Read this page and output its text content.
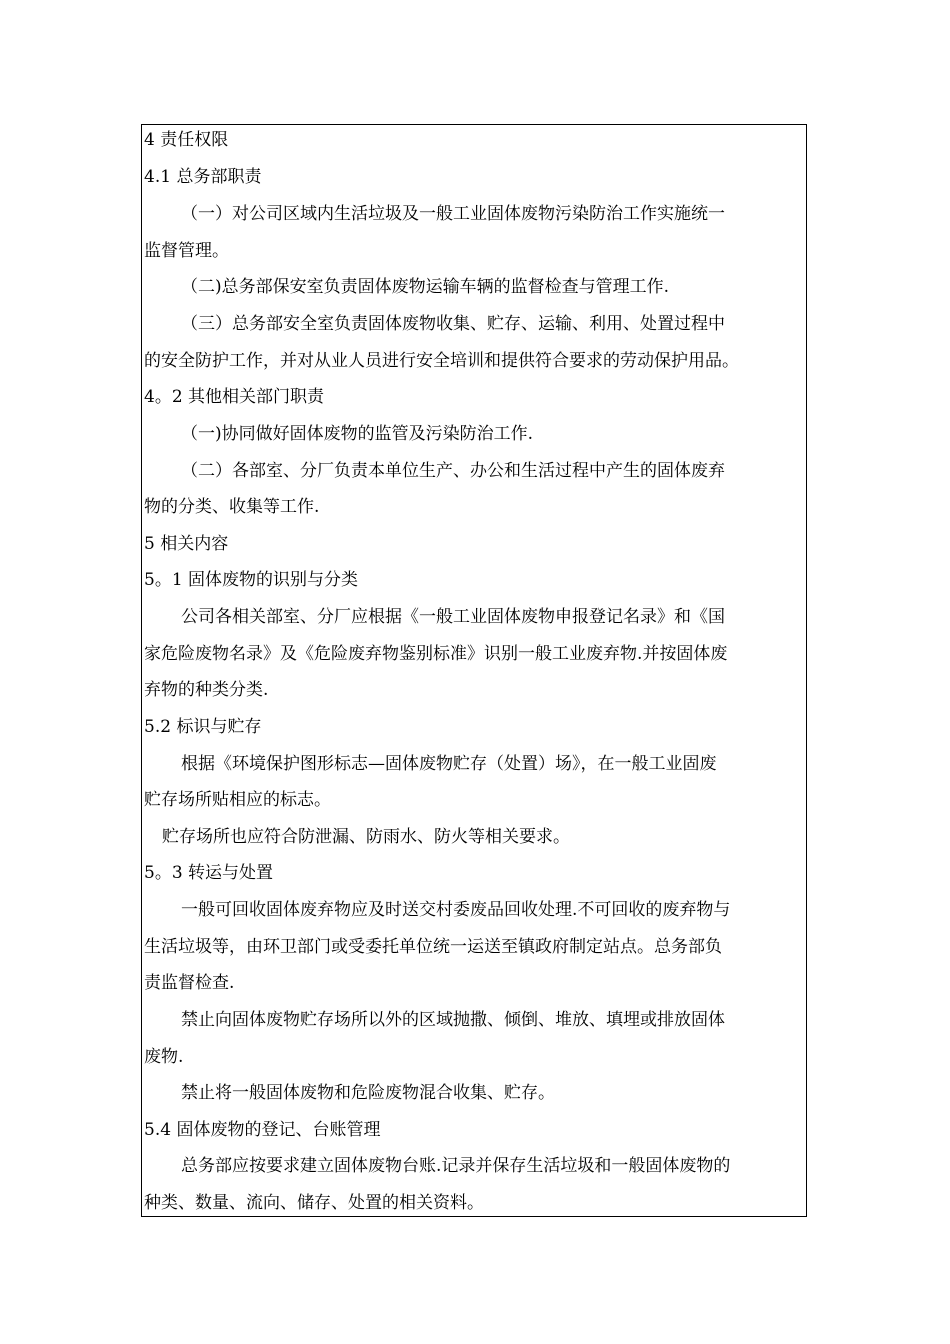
4 责任权限
4.1 总务部职责
（一）对公司区域内生活垃圾及一般工业固体废物污染防治工作实施统一
监督管理。
（二)总务部保安室负责固体废物运输车辆的监督检查与管理工作.
（三）总务部安全室负责固体废物收集、贮存、运输、利用、处置过程中
的安全防护工作，并对从业人员进行安全培训和提供符合要求的劳动保护用品。
4。2 其他相关部门职责
（一)协同做好固体废物的监管及污染防治工作.
（二）各部室、分厂负责本单位生产、办公和生活过程中产生的固体废弃
物的分类、收集等工作.
5 相关内容
5。1 固体废物的识别与分类
公司各相关部室、分厂应根据《一般工业固体废物申报登记名录》和《国
家危险废物名录》及《危险废弃物鉴别标准》识别一般工业废弃物.并按固体废
弃物的种类分类.
5.2 标识与贮存
根据《环境保护图形标志—固体废物贮存（处置）场》，在一般工业固废
贮存场所贴相应的标志。
贮存场所也应符合防泄漏、防雨水、防火等相关要求。
5。3 转运与处置
一般可回收固体废弃物应及时送交村委废品回收处理.不可回收的废弃物与
生活垃圾等，由环卫部门或受委托单位统一运送至镇政府制定站点。总务部负
责监督检查.
禁止向固体废物贮存场所以外的区域抛撒、倾倒、堆放、填埋或排放固体
废物.
禁止将一般固体废物和危险废物混合收集、贮存。
5.4 固体废物的登记、台账管理
总务部应按要求建立固体废物台账.记录并保存生活垃圾和一般固体废物的
种类、数量、流向、储存、处置的相关资料。
